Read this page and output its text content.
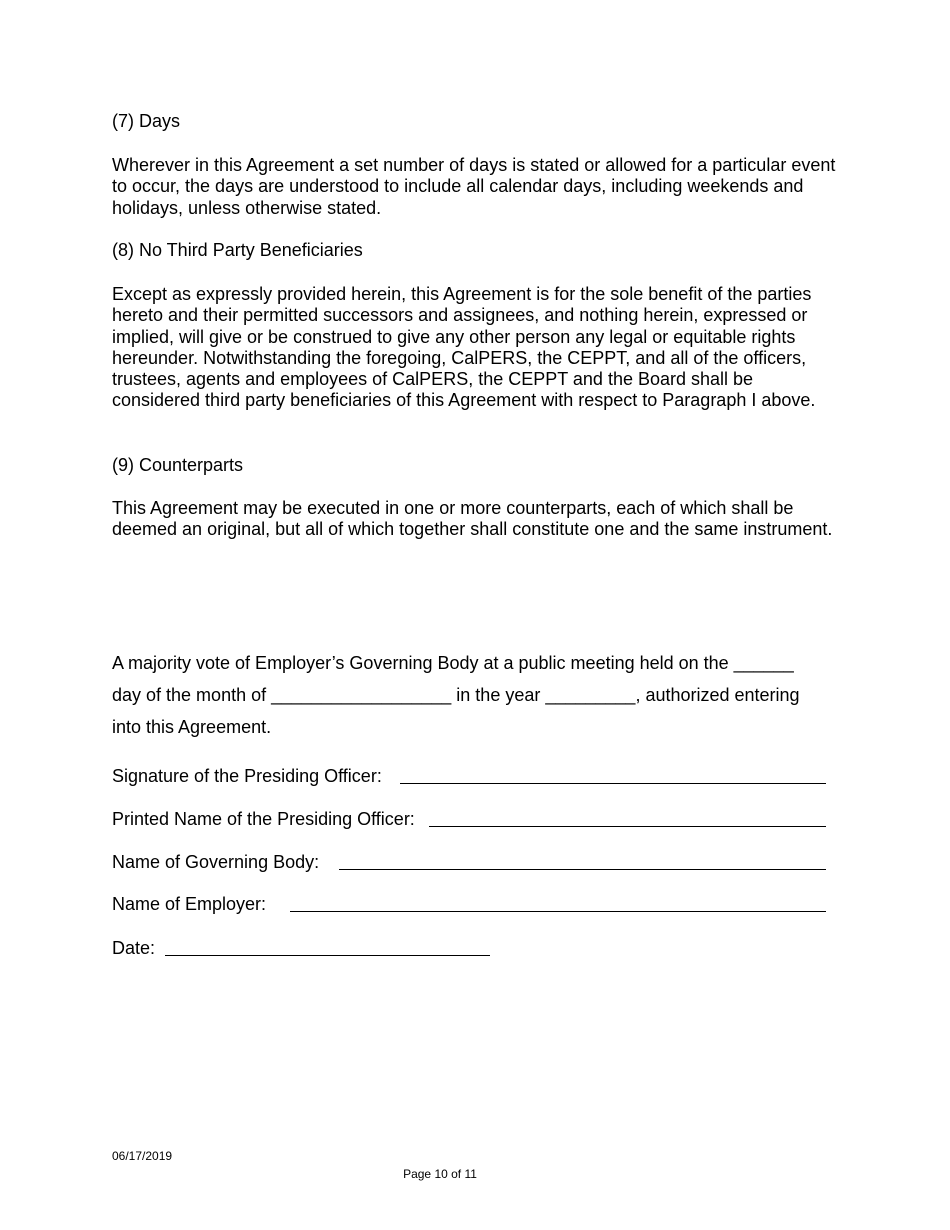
(7) Days

Wherever in this Agreement a set number of days is stated or allowed for a particular event to occur, the days are understood to include all calendar days, including weekends and holidays, unless otherwise stated.

(8) No Third Party Beneficiaries

Except as expressly provided herein, this Agreement is for the sole benefit of the parties hereto and their permitted successors and assignees, and nothing herein, expressed or implied, will give or be construed to give any other person any legal or equitable rights hereunder. Notwithstanding the foregoing, CalPERS, the CEPPT, and all of the officers, trustees, agents and employees of CalPERS, the CEPPT and the Board shall be considered third party beneficiaries of this Agreement with respect to Paragraph I above.

(9) Counterparts

This Agreement may be executed in one or more counterparts, each of which shall be deemed an original, but all of which together shall constitute one and the same instrument.

A majority vote of Employer’s Governing Body at a public meeting held on the ______
day of the month of __________________ in the year _________, authorized entering
into this Agreement.
Signature of the Presiding Officer:
Printed Name of the Presiding Officer:
Name of Governing Body:
Name of Employer:
Date:
06/17/2019
Page 10 of 11
